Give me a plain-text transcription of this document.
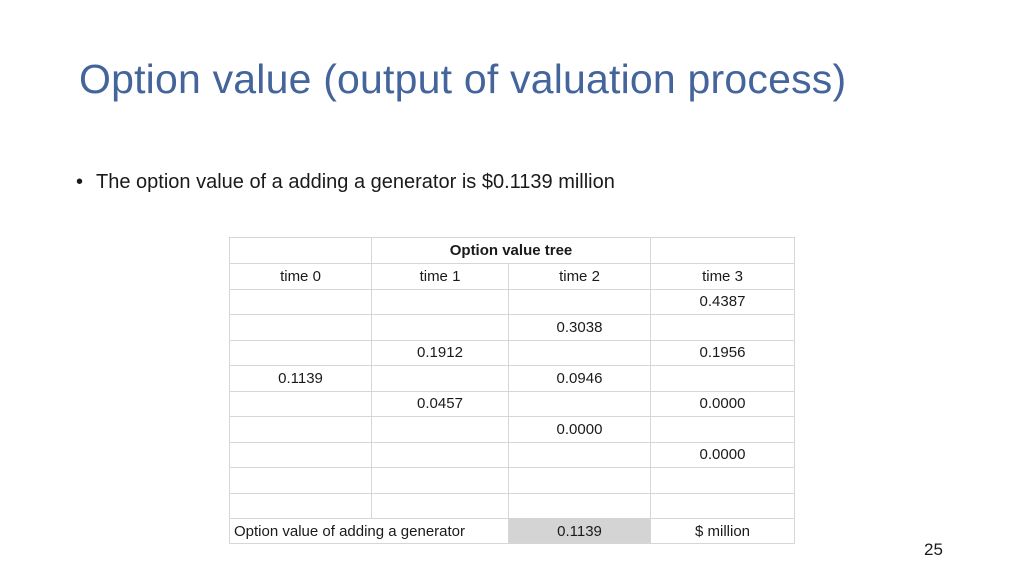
Option value (output of valuation process)
• The option value of a adding a generator is $0.1139 million
	Option value tree		
time 0	time 1	time 2	time 3
			0.4387
		0.3038	
	0.1912		0.1956
0.1139		0.0946	
	0.0457		0.0000
		0.0000	
			0.0000

Option value of adding a generator		0.1139	$ million
25
